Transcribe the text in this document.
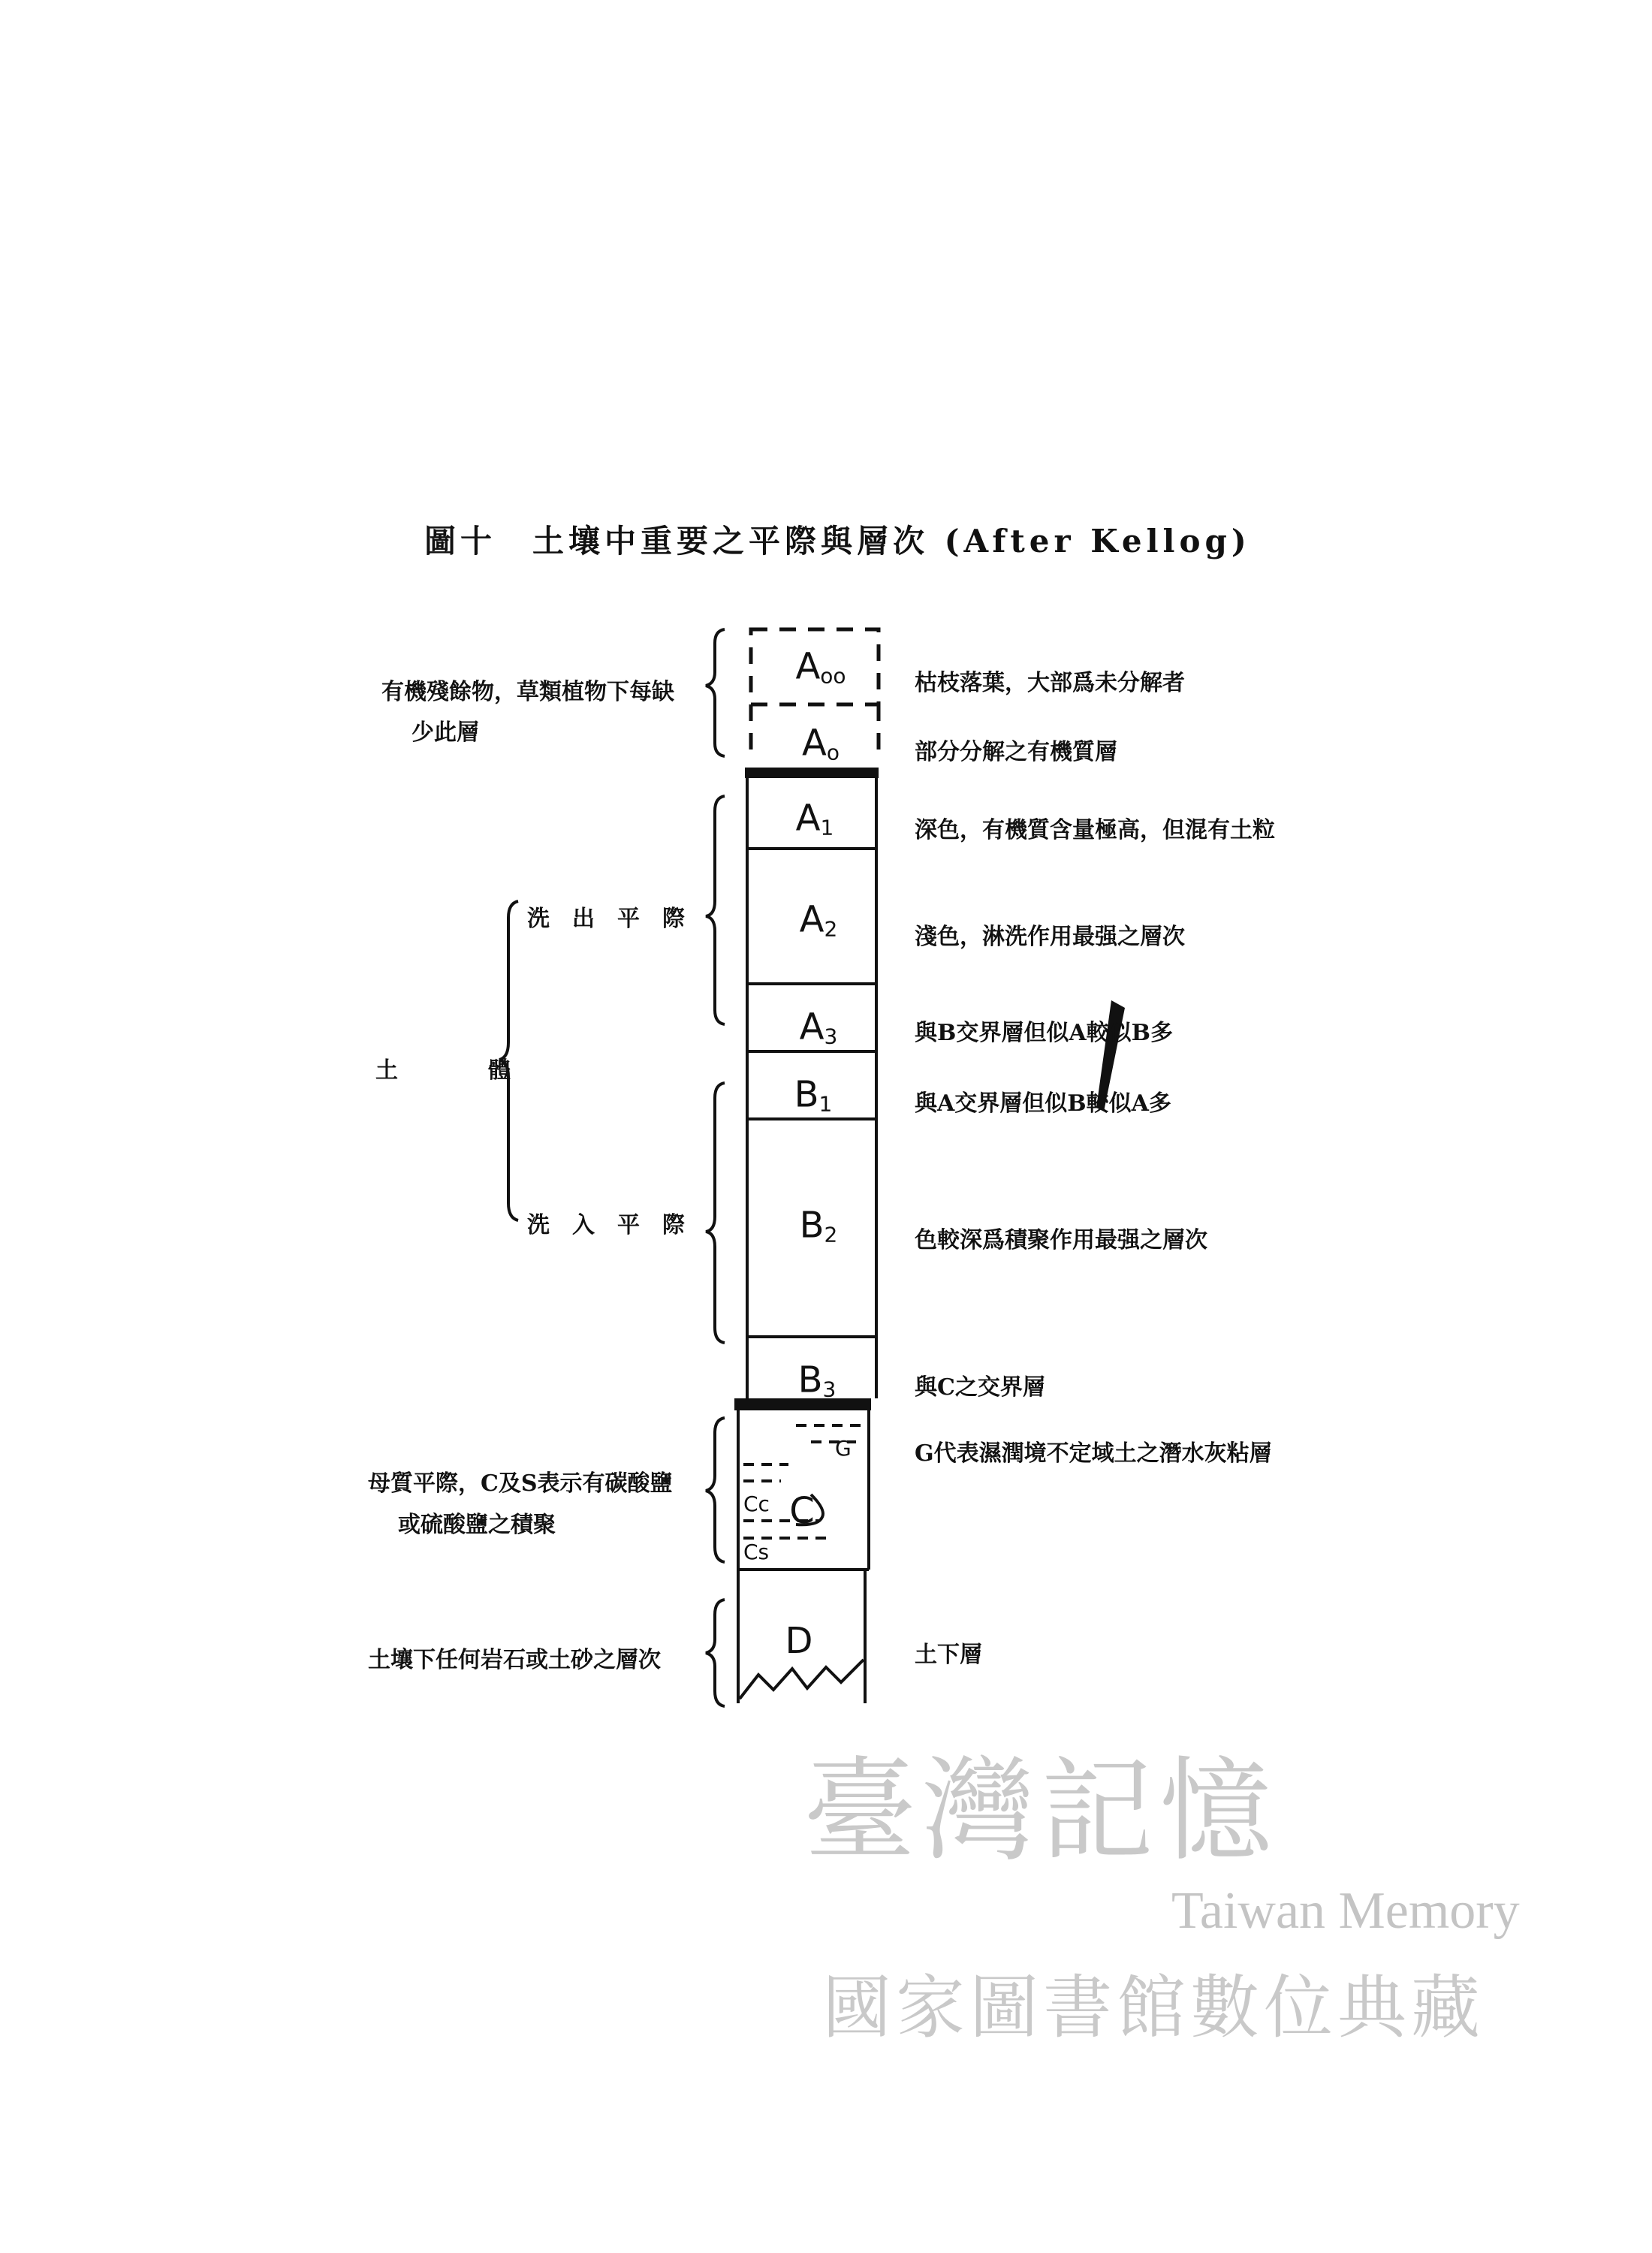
圖十　土壤中重要之平際與層次 (After Kellog)
$A_{oo}$
$A_o$
$A_1$
$A_2$
$A_3$
$B_1$
$B_2$
$B_3$
C
D
G
Cc
Cs
枯枝落葉，大部爲未分解者
部分分解之有機質層
深色，有機質含量極高，但混有土粒
淺色，淋洗作用最强之層次
與B交界層但似A較似B多
與A交界層但似B較似A多
色較深爲積聚作用最强之層次
與C之交界層
G代表濕潤境不定域土之潛水灰粘層
土下層
有機殘餘物，草類植物下每缺
少此層
洗　出　平　際
土　　　　體
洗　入　平　際
母質平際，C及S表示有碳酸鹽
或硫酸鹽之積聚
土壤下任何岩石或土砂之層次
臺灣記憶
Taiwan Memory
國家圖書館數位典藏
